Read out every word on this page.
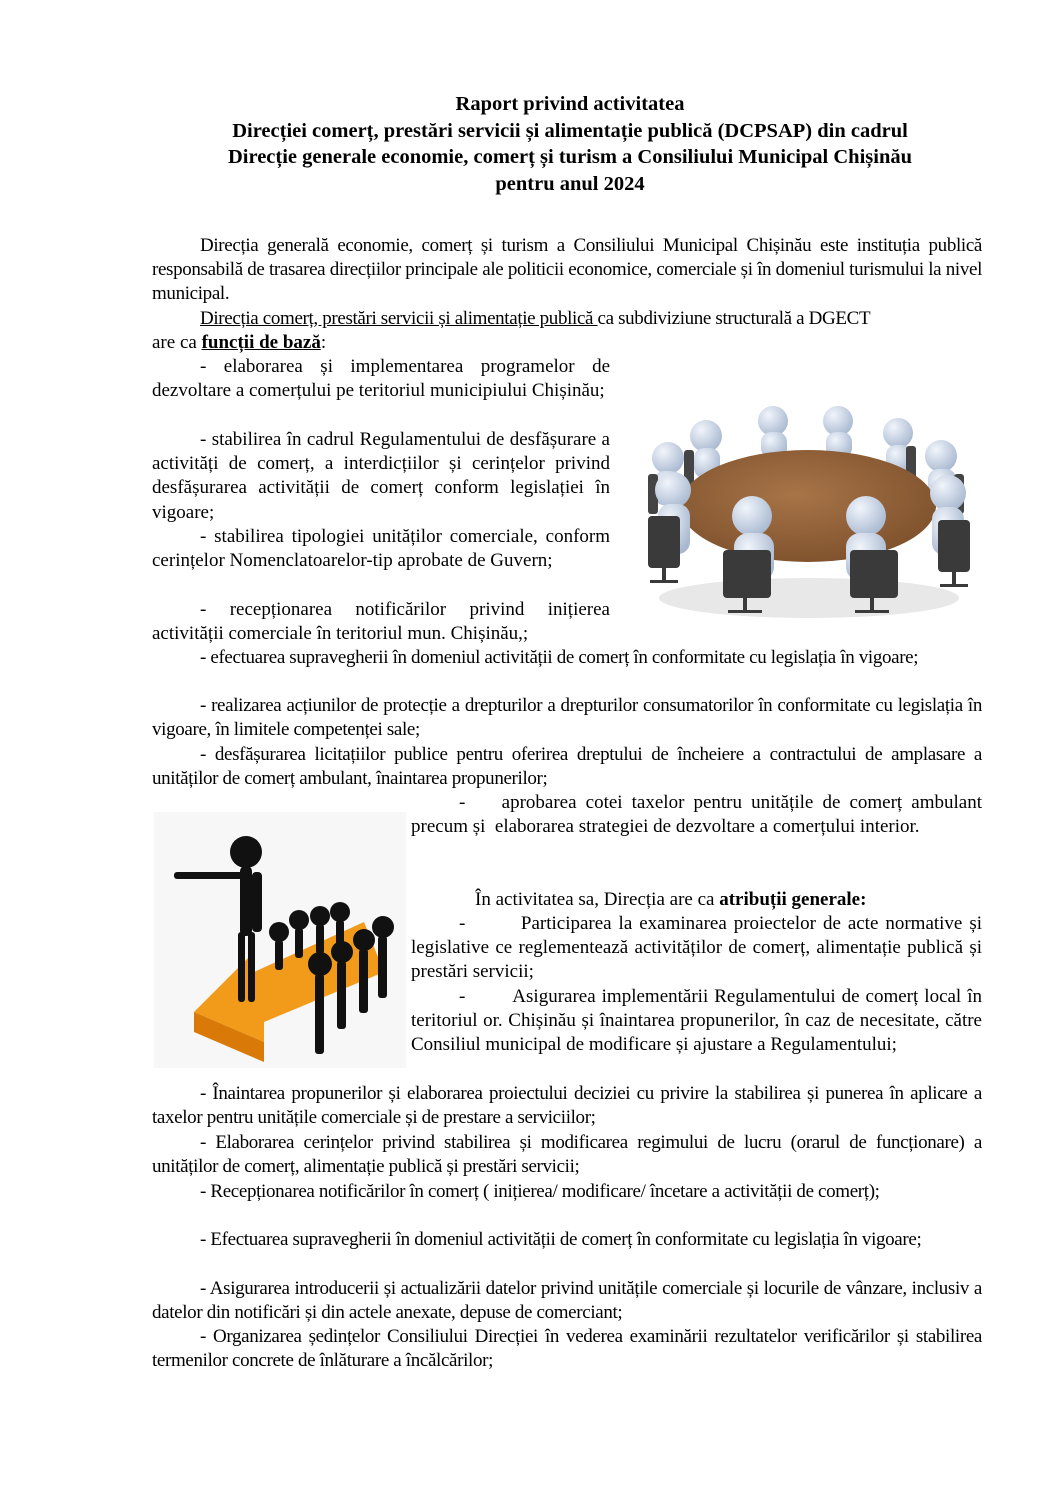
Raport privind activitatea
Direcției comerț, prestări servicii și alimentație publică (DCPSAP) din cadrul
Direcție generale economie, comerț și turism a Consiliului Municipal Chișinău
pentru anul 2024
Direcția generală economie, comerț și turism a Consiliului Municipal Chișinău este instituția publică responsabilă de trasarea direcțiilor principale ale politicii economice, comerciale și în domeniul turismului la nivel municipal.
Direcția comerț, prestări servicii și alimentație publică ca subdiviziune structurală a DGECT
are ca funcții de bază:
- elaborarea și implementarea programelor de dezvoltare a comerțului pe teritoriul municipiului Chișinău;
- stabilirea în cadrul Regulamentului de desfășurare a activități de comerț, a interdicțiilor și cerințelor privind desfășurarea activității de comerț conform legislației în vigoare;
- stabilirea tipologiei unităților comerciale, conform cerințelor Nomenclatoarelor-tip aprobate de Guvern;
- recepționarea notificărilor privind inițierea activității comerciale în teritoriul mun. Chișinău,;
- efectuarea supravegherii în domeniul activității de comerț în conformitate cu legislația în vigoare;
- realizarea acțiunilor de protecție a drepturilor a drepturilor consumatorilor în conformitate cu legislația în vigoare, în limitele competenței sale;
- desfășurarea licitațiilor publice pentru oferirea dreptului de încheiere a contractului de amplasare a unităților de comerț ambulant, înaintarea propunerilor;
-    aprobarea cotei taxelor pentru unitățile de comerț ambulant precum și  elaborarea strategiei de dezvoltare a comerțului interior.
În activitatea sa, Direcția are ca atribuții generale:
-        Participarea la examinarea proiectelor de acte normative și legislative ce reglementează activităților de comerț, alimentație publică și prestări servicii;
-        Asigurarea implementării Regulamentului de comerț local în teritoriul or. Chișinău și înaintarea propunerilor, în caz de necesitate, către Consiliul municipal de modificare și ajustare a Regulamentului;
- Înaintarea propunerilor și elaborarea proiectului deciziei cu privire la stabilirea și punerea în aplicare a taxelor pentru unitățile comerciale și de prestare a serviciilor;
- Elaborarea cerințelor privind stabilirea și modificarea regimului de lucru (orarul de funcționare) a unităților de comerț, alimentație publică și prestări servicii;
- Recepționarea notificărilor în comerț ( inițierea/ modificare/ încetare a activității de comerț);
- Efectuarea supravegherii în domeniul activității de comerț în conformitate cu legislația în vigoare;
- Asigurarea introducerii și actualizării datelor privind unitățile comerciale și locurile de vânzare, inclusiv a datelor din notificări și din actele anexate, depuse de comerciant;
- Organizarea ședințelor Consiliului Direcției în vederea examinării rezultatelor verificărilor și stabilirea termenilor concrete de înlăturare a încălcărilor;
